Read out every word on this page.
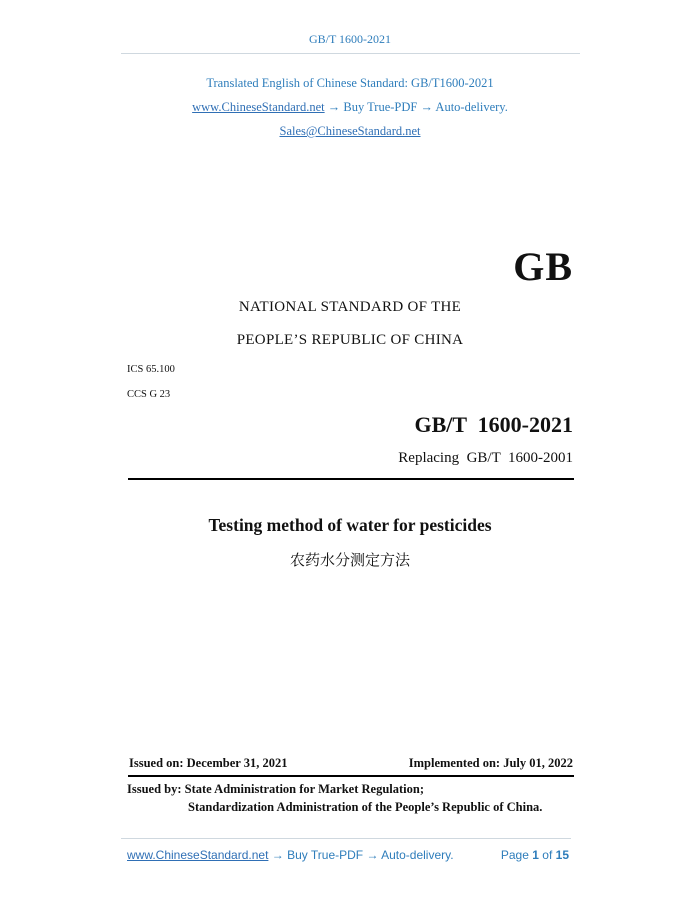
GB/T 1600-2021
Translated English of Chinese Standard: GB/T1600-2021
www.ChineseStandard.net → Buy True-PDF → Auto-delivery.
Sales@ChineseStandard.net
GB
NATIONAL STANDARD OF THE
PEOPLE’S REPUBLIC OF CHINA
ICS 65.100
CCS G 23
GB/T  1600-2021
Replacing  GB/T  1600-2001
Testing method of water for pesticides
农药水分测定方法
Issued on: December 31, 2021	Implemented on: July 01, 2022
Issued by: State Administration for Market Regulation;
Standardization Administration of the People’s Republic of China.
www.ChineseStandard.net → Buy True-PDF → Auto-delivery.	Page 1 of 15
